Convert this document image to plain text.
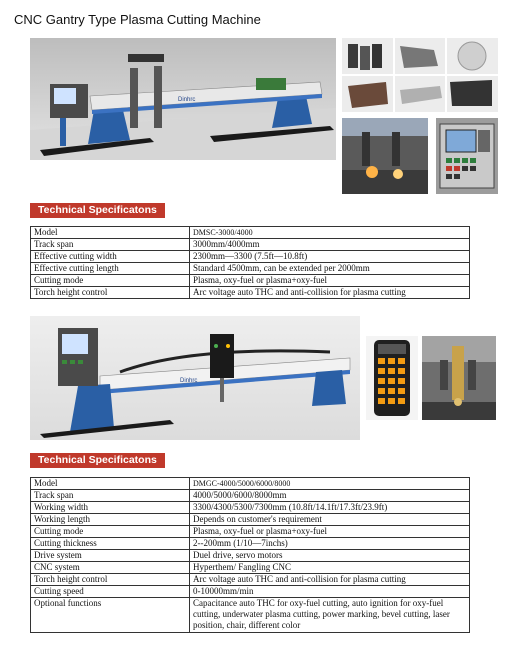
CNC Gantry Type Plasma Cutting Machine
Dinhrc
Technical Specificatons
Model	DMSC-3000/4000
Track span	3000mm/4000mm
Effective cutting width	2300mm—3300 (7.5ft—10.8ft)
Effective cutting length	Standard 4500mm, can be extended per 2000mm
Cutting mode	Plasma, oxy-fuel or plasma+oxy-fuel
Torch height control	Arc voltage auto THC and anti-collision for plasma cutting
Dinhrc
Technical Specificatons
Model	DMGC-4000/5000/6000/8000
Track span	4000/5000/6000/8000mm
Working width	3300/4300/5300/7300mm (10.8ft/14.1ft/17.3ft/23.9ft)
Working length	Depends on customer's requirement
Cutting mode	Plasma, oxy-fuel or plasma+oxy-fuel
Cutting thickness	2--200mm (1/10—7inchs)
Drive system	Duel drive, servo motors
CNC system	Hyperthem/ Fangling CNC
Torch height control	Arc voltage auto THC and anti-collision for plasma cutting
Cutting speed	0-10000mm/min
Optional functions	Capacitance auto THC for oxy-fuel cutting, auto ignition for oxy-fuel cutting, underwater plasma cutting, power marking, bevel cutting, laser position, chair, different color
